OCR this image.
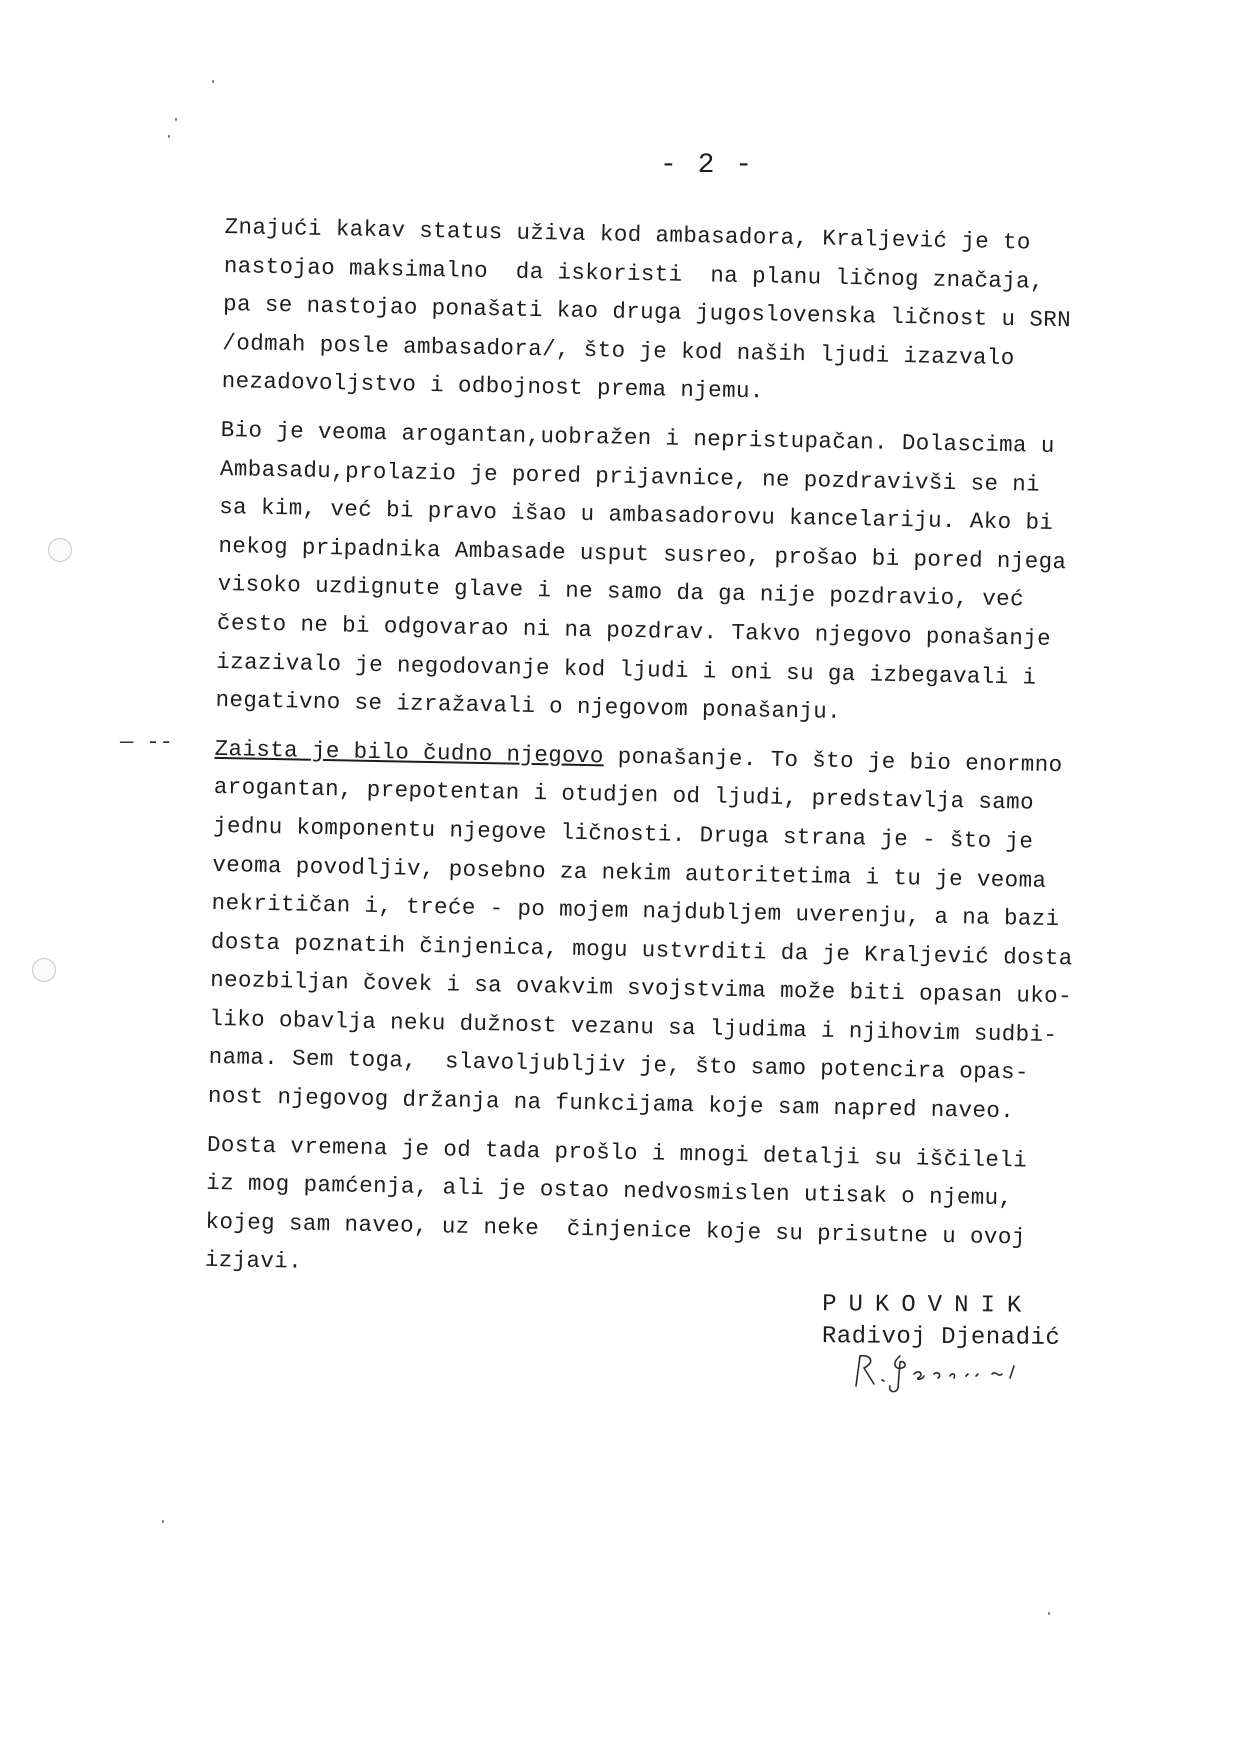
— --
- 2 -
Znajući kakav status uživa kod ambasadora, Kraljević je to
nastojao maksimalno  da iskoristi  na planu ličnog značaja,
pa se nastojao ponašati kao druga jugoslovenska ličnost u SRN
/odmah posle ambasadora/, što je kod naših ljudi izazvalo
nezadovoljstvo i odbojnost prema njemu.
Bio je veoma arogantan,uobražen i nepristupačan. Dolascima u
Ambasadu,prolazio je pored prijavnice, ne pozdravivši se ni
sa kim, već bi pravo išao u ambasadorovu kancelariju. Ako bi
nekog pripadnika Ambasade usput susreo, prošao bi pored njega
visoko uzdignute glave i ne samo da ga nije pozdravio, već
često ne bi odgovarao ni na pozdrav. Takvo njegovo ponašanje
izazivalo je negodovanje kod ljudi i oni su ga izbegavali i
negativno se izražavali o njegovom ponašanju.
Zaista je bilo čudno njegovo ponašanje. To što je bio enormno
arogantan, prepotentan i otudjen od ljudi, predstavlja samo
jednu komponentu njegove ličnosti. Druga strana je - što je
veoma povodljiv, posebno za nekim autoritetima i tu je veoma
nekritičan i, treće - po mojem najdubljem uverenju, a na bazi
dosta poznatih činjenica, mogu ustvrditi da je Kraljević dosta
neozbiljan čovek i sa ovakvim svojstvima može biti opasan uko-
liko obavlja neku dužnost vezanu sa ljudima i njihovim sudbi-
nama. Sem toga,  slavoljubljiv je, što samo potencira opas-
nost njegovog držanja na funkcijama koje sam napred naveo.
Dosta vremena je od tada prošlo i mnogi detalji su iščileli
iz mog pamćenja, ali je ostao nedvosmislen utisak o njemu,
kojeg sam naveo, uz neke  činjenice koje su prisutne u ovoj
izjavi.
PUKOVNIK
Radivoj Djenadić
